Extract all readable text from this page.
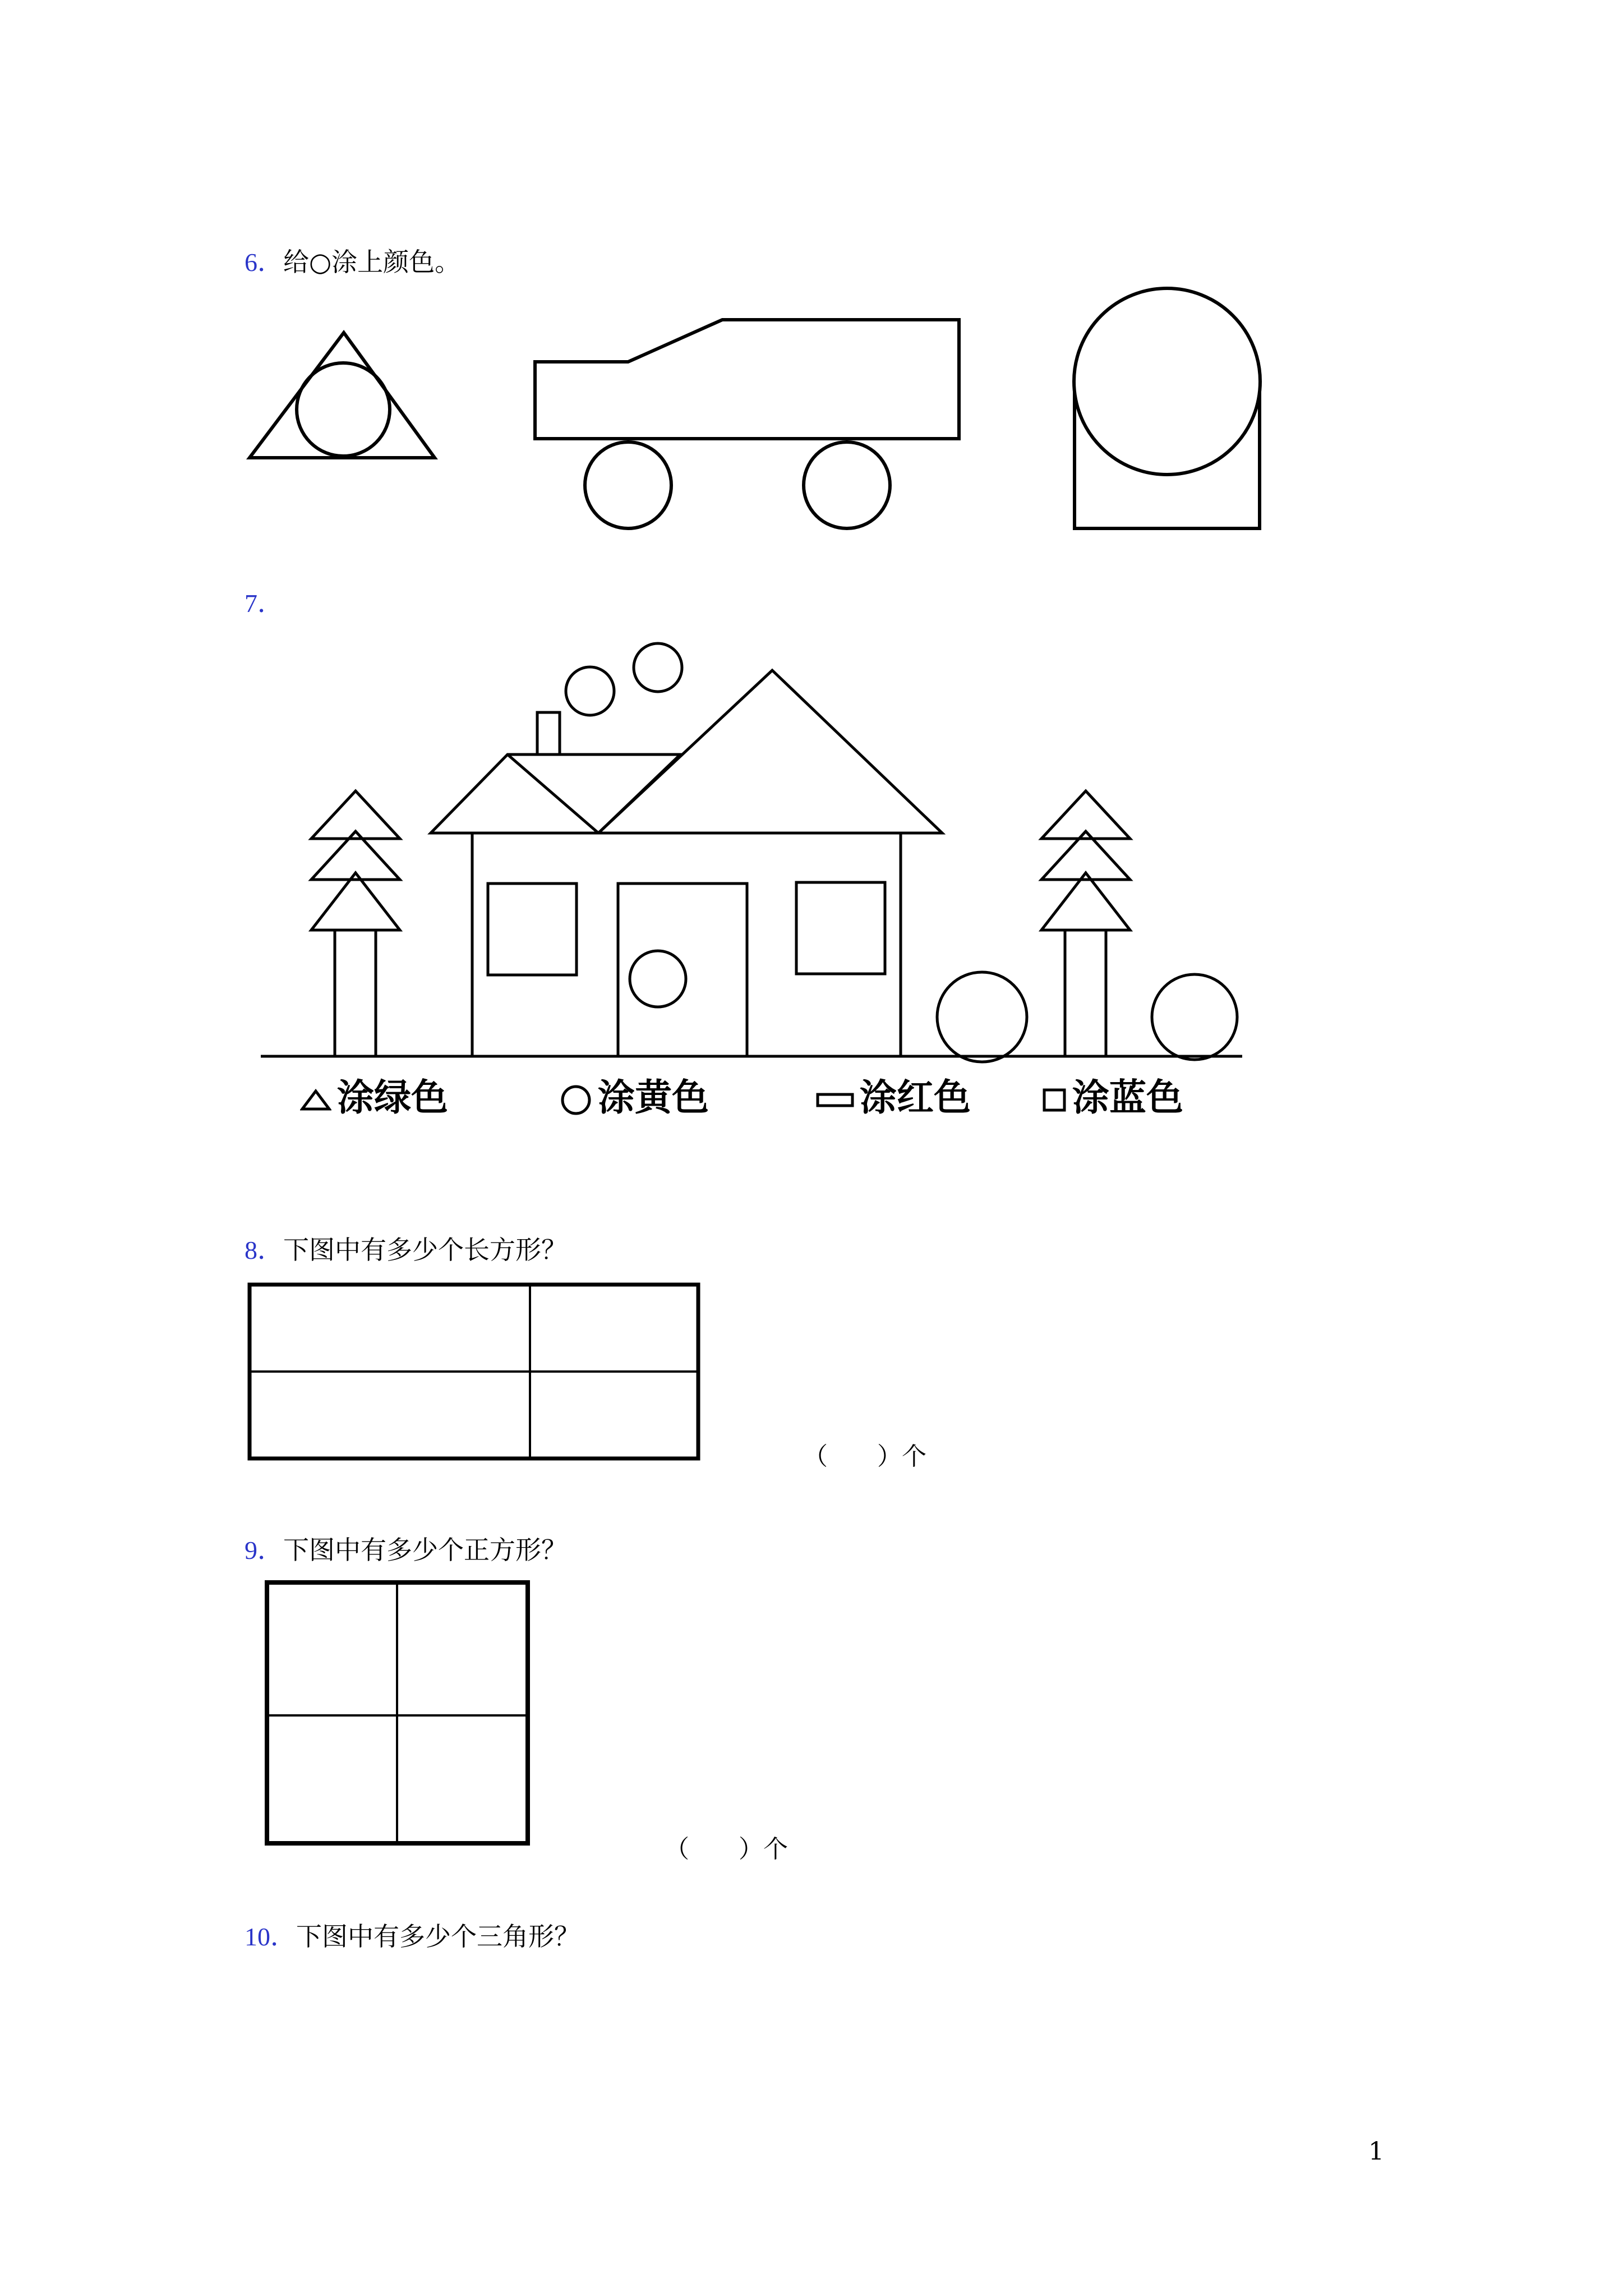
6．给○涂上颜色。
7．
涂绿色	涂黄色	涂红色	涂蓝色
8．下图中有多少个长方形？
（　　）个
9．下图中有多少个正方形？
（　　）个
10．下图中有多少个三角形？
1
